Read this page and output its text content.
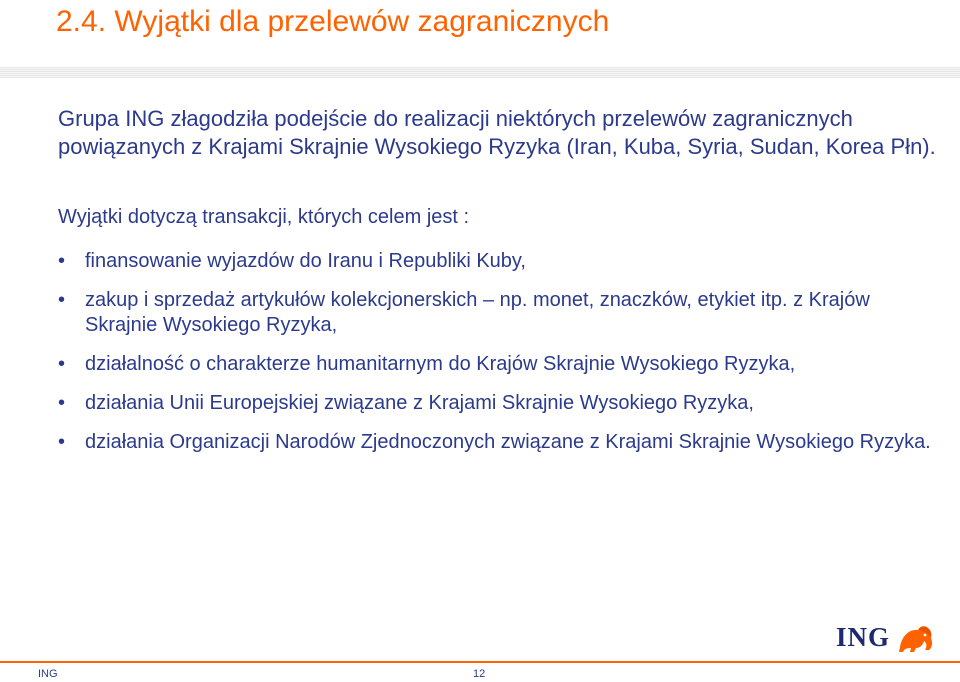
2.4. Wyjątki dla przelewów zagranicznych
Grupa ING złagodziła podejście do realizacji niektórych przelewów zagranicznych powiązanych z Krajami Skrajnie Wysokiego Ryzyka (Iran, Kuba, Syria, Sudan, Korea Płn).
Wyjątki dotyczą transakcji, których celem jest :
• finansowanie wyjazdów do Iranu i Republiki Kuby,
• zakup i sprzedaż artykułów kolekcjonerskich – np. monet, znaczków, etykiet itp. z Krajów Skrajnie Wysokiego Ryzyka,
• działalność o charakterze humanitarnym do Krajów Skrajnie Wysokiego Ryzyka,
• działania Unii Europejskiej związane z Krajami Skrajnie Wysokiego Ryzyka,
• działania Organizacji Narodów Zjednoczonych związane z Krajami Skrajnie Wysokiego Ryzyka.
ING
ING	12
